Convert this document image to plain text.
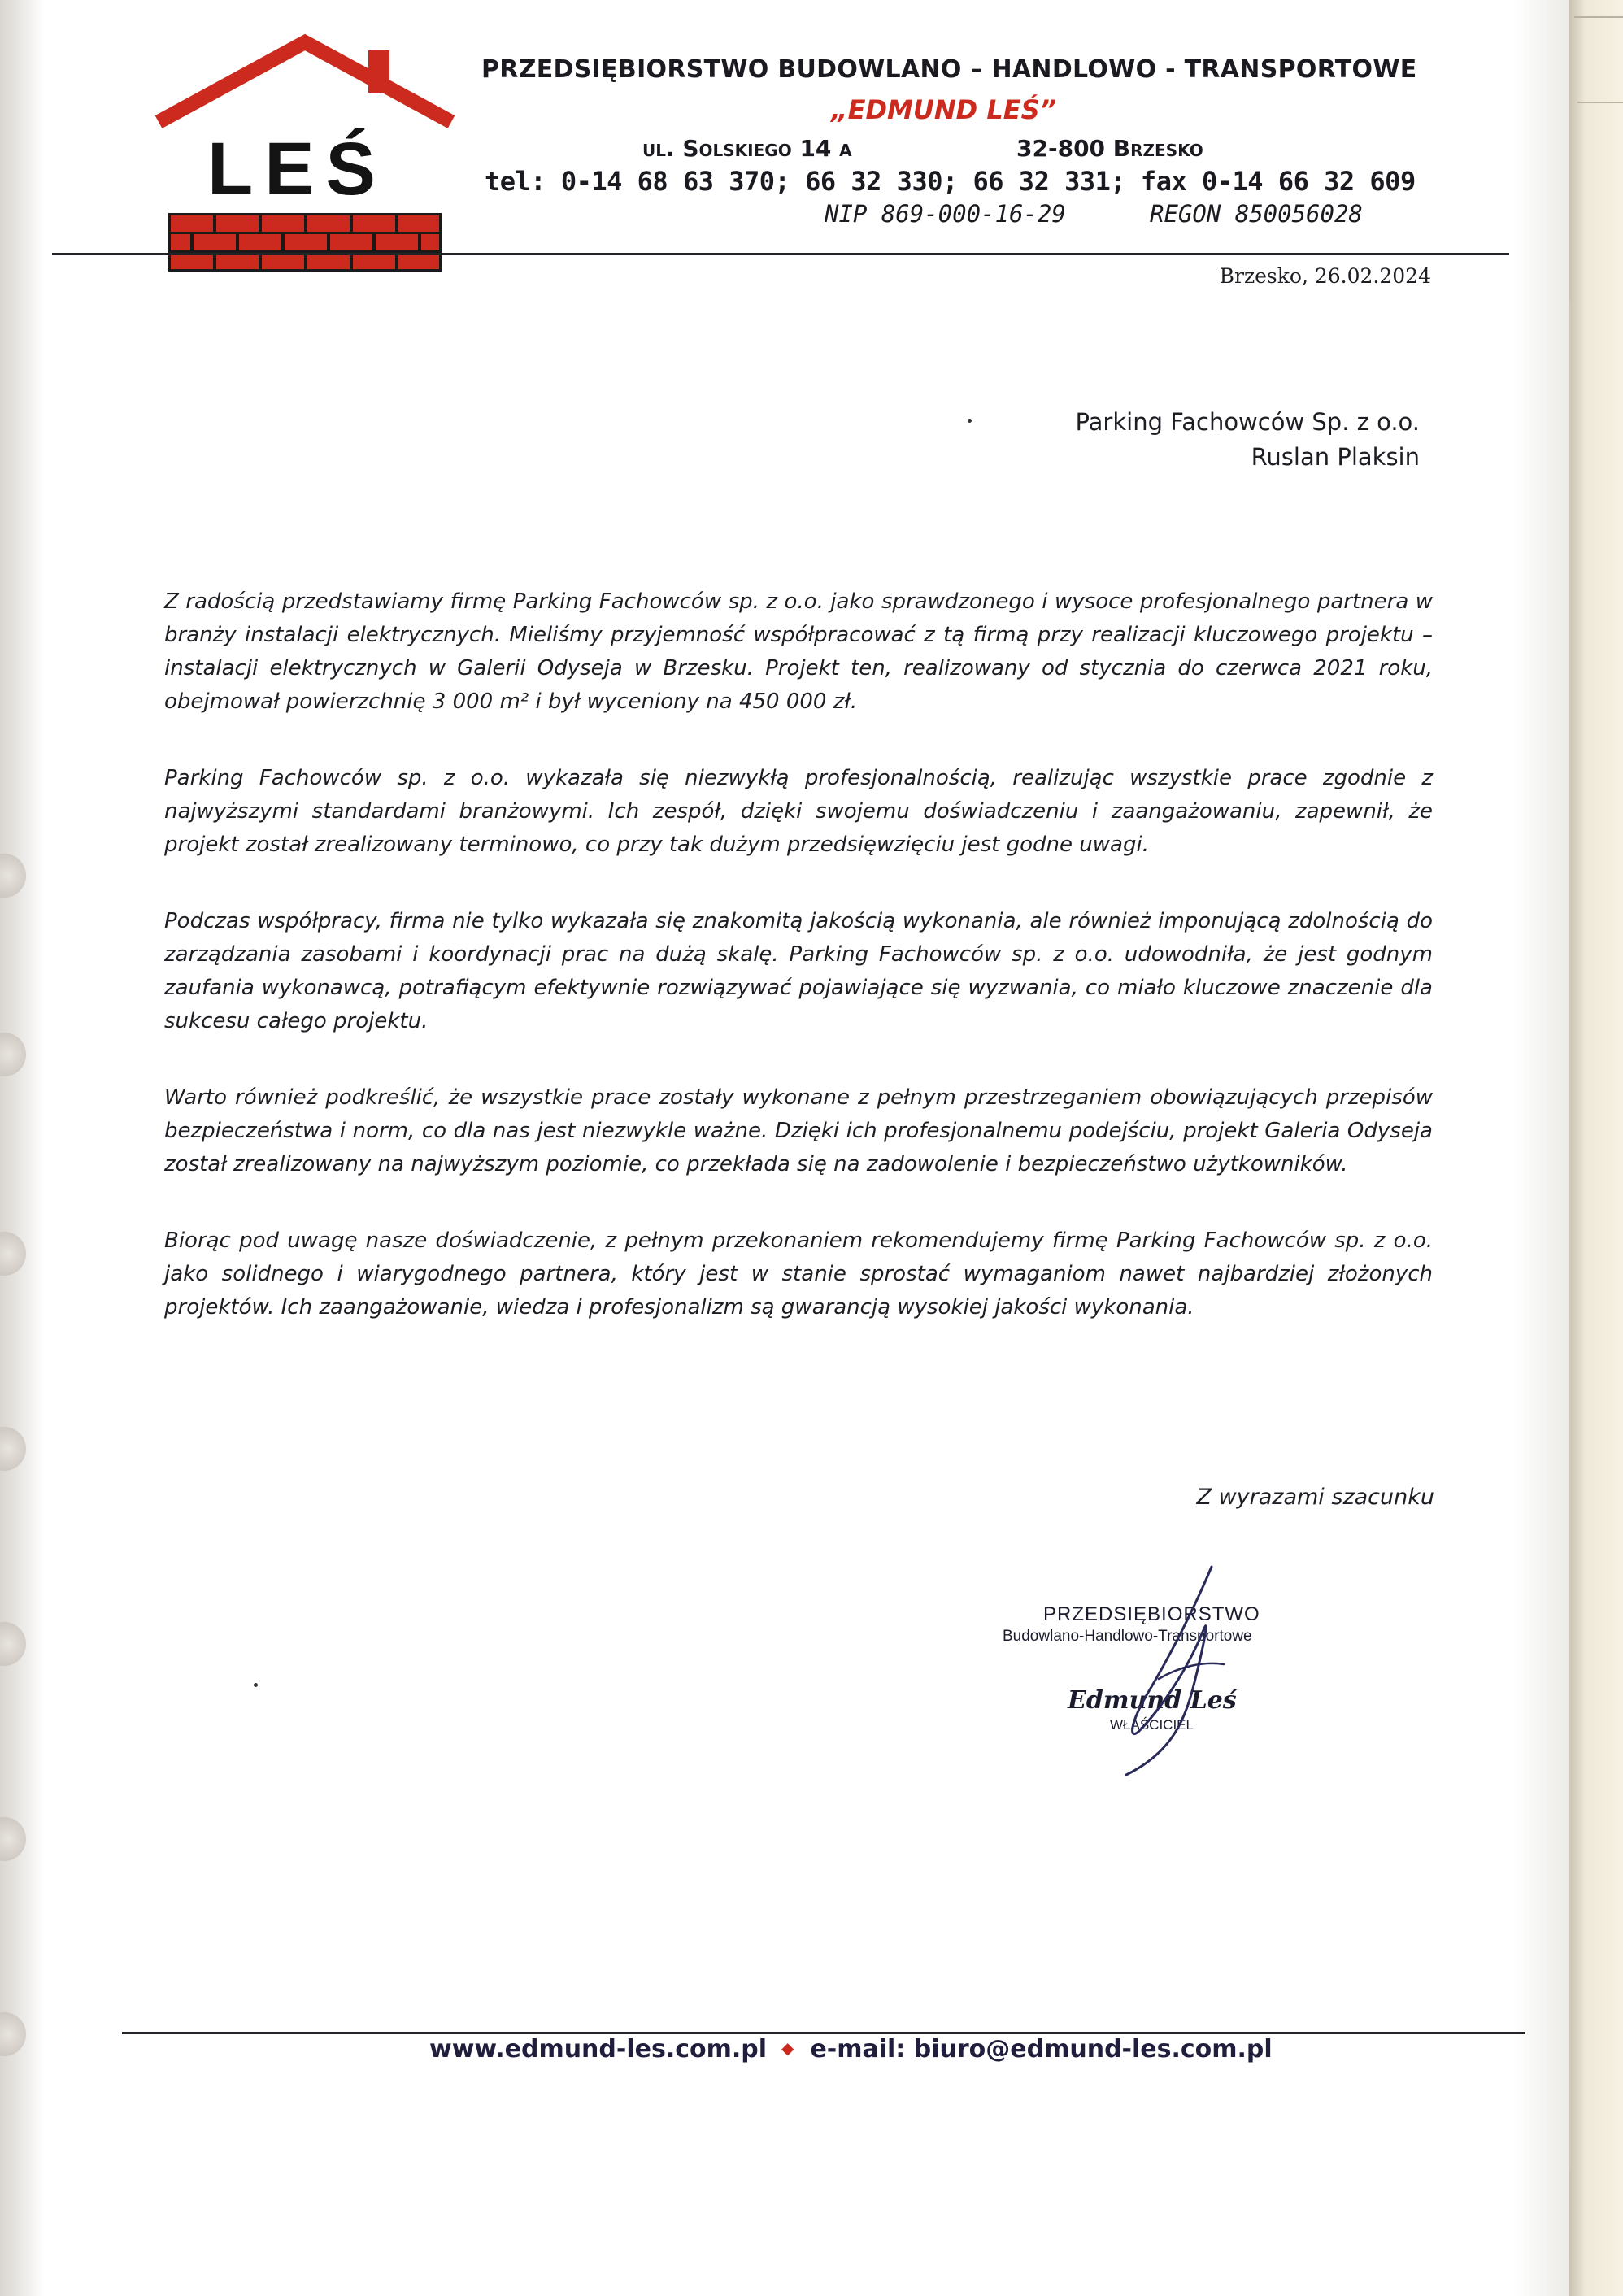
LEŚ
PRZEDSIĘBIORSTWO BUDOWLANO – HANDLOWO - TRANSPORTOWE
„EDMUND LEŚ”
ul. Solskiego 14 a	32-800 Brzesko
tel: 0-14 68 63 370; 66 32 330; 66 32 331; fax 0-14 66 32 609
NIP 869-000-16-29	REGON 850056028
Brzesko, 26.02.2024
Parking Fachowców Sp. z o.o.
Ruslan Plaksin

Z radością przedstawiamy firmę Parking Fachowców sp. z o.o. jako sprawdzonego i wysoce profesjonalnego partnera w branży instalacji elektrycznych. Mieliśmy przyjemność współpracować z tą firmą przy realizacji kluczowego projektu – instalacji elektrycznych w Galerii Odyseja w Brzesku. Projekt ten, realizowany od stycznia do czerwca 2021 roku, obejmował powierzchnię 3 000 m² i był wyceniony na 450 000 zł.

Parking Fachowców sp. z o.o. wykazała się niezwykłą profesjonalnością, realizując wszystkie prace zgodnie z najwyższymi standardami branżowymi. Ich zespół, dzięki swojemu doświadczeniu i zaangażowaniu, zapewnił, że projekt został zrealizowany terminowo, co przy tak dużym przedsięwzięciu jest godne uwagi.

Podczas współpracy, firma nie tylko wykazała się znakomitą jakością wykonania, ale również imponującą zdolnością do zarządzania zasobami i koordynacji prac na dużą skalę. Parking Fachowców sp. z o.o. udowodniła, że jest godnym zaufania wykonawcą, potrafiącym efektywnie rozwiązywać pojawiające się wyzwania, co miało kluczowe znaczenie dla sukcesu całego projektu.

Warto również podkreślić, że wszystkie prace zostały wykonane z pełnym przestrzeganiem obowiązujących przepisów bezpieczeństwa i norm, co dla nas jest niezwykle ważne. Dzięki ich profesjonalnemu podejściu, projekt Galeria Odyseja został zrealizowany na najwyższym poziomie, co przekłada się na zadowolenie i bezpieczeństwo użytkowników.

Biorąc pod uwagę nasze doświadczenie, z pełnym przekonaniem rekomendujemy firmę Parking Fachowców sp. z o.o. jako solidnego i wiarygodnego partnera, który jest w stanie sprostać wymaganiom nawet najbardziej złożonych projektów. Ich zaangażowanie, wiedza i profesjonalizm są gwarancją wysokiej jakości wykonania.

Z wyrazami szacunku
PRZEDSIĘBIORSTWO
Budowlano-Handlowo-Transportowe
Edmund Leś
WŁAŚCICIEL
www.edmund-les.com.pl ◆ e-mail: biuro@edmund-les.com.pl
